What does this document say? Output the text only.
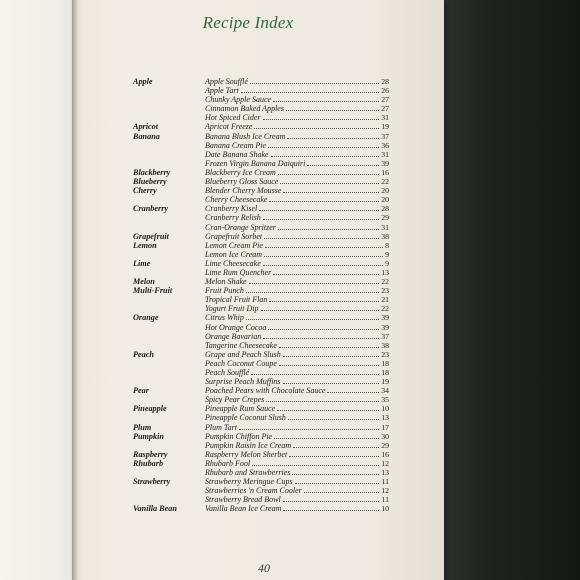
Recipe Index
Apple	Apple Soufflé	28
Apple Tart	26
Chunky Apple Sauce	27
Cinnamon Baked Apples	27
Hot Spiced Cider	31
Apricot	Apricot Freeze	19
Banana	Banana Blush Ice Cream	37
Banana Cream Pie	36
Date Banana Shake	31
Frozen Virgin Banana Daiquiri	39
Blackberry	Blackberry Ice Cream	16
Blueberry	Blueberry Gloss Sauce	22
Cherry	Blender Cherry Mousse	20
Cherry Cheesecake	20
Cranberry	Cranberry Kisel	28
Cranberry Relish	29
Cran-Orange Spritzer	31
Grapefruit	Grapefruit Sorbet	38
Lemon	Lemon Cream Pie	8
Lemon Ice Cream	9
Lime	Lime Cheesecake	9
Lime Rum Quencher	13
Melon	Melon Shake	22
Multi-Fruit	Fruit Punch	23
Tropical Fruit Flan	21
Yogurt Fruit Dip	22
Orange	Citrus Whip	39
Hot Orange Cocoa	39
Orange Bavarian	37
Tangerine Cheesecake	38
Peach	Grape and Peach Slush	23
Peach Coconut Coupe	18
Peach Soufflé	18
Surprise Peach Muffins	19
Pear	Poached Pears with Chocolate Sauce	34
Spicy Pear Crepes	35
Pineapple	Pineapple Rum Sauce	10
Pineapple Coconut Slush	13
Plum	Plum Tart	17
Pumpkin	Pumpkin Chiffon Pie	30
Pumpkin Raisin Ice Cream	29
Raspberry	Raspberry Melon Sherbet	16
Rhubarb	Rhubarb Fool	12
Rhubarb and Strawberries	13
Strawberry	Strawberry Meringue Cups	11
Strawberries 'n Cream Cooler	12
Strawberry Bread Bowl	11
Vanilla Bean	Vanilla Bean Ice Cream	10
40
